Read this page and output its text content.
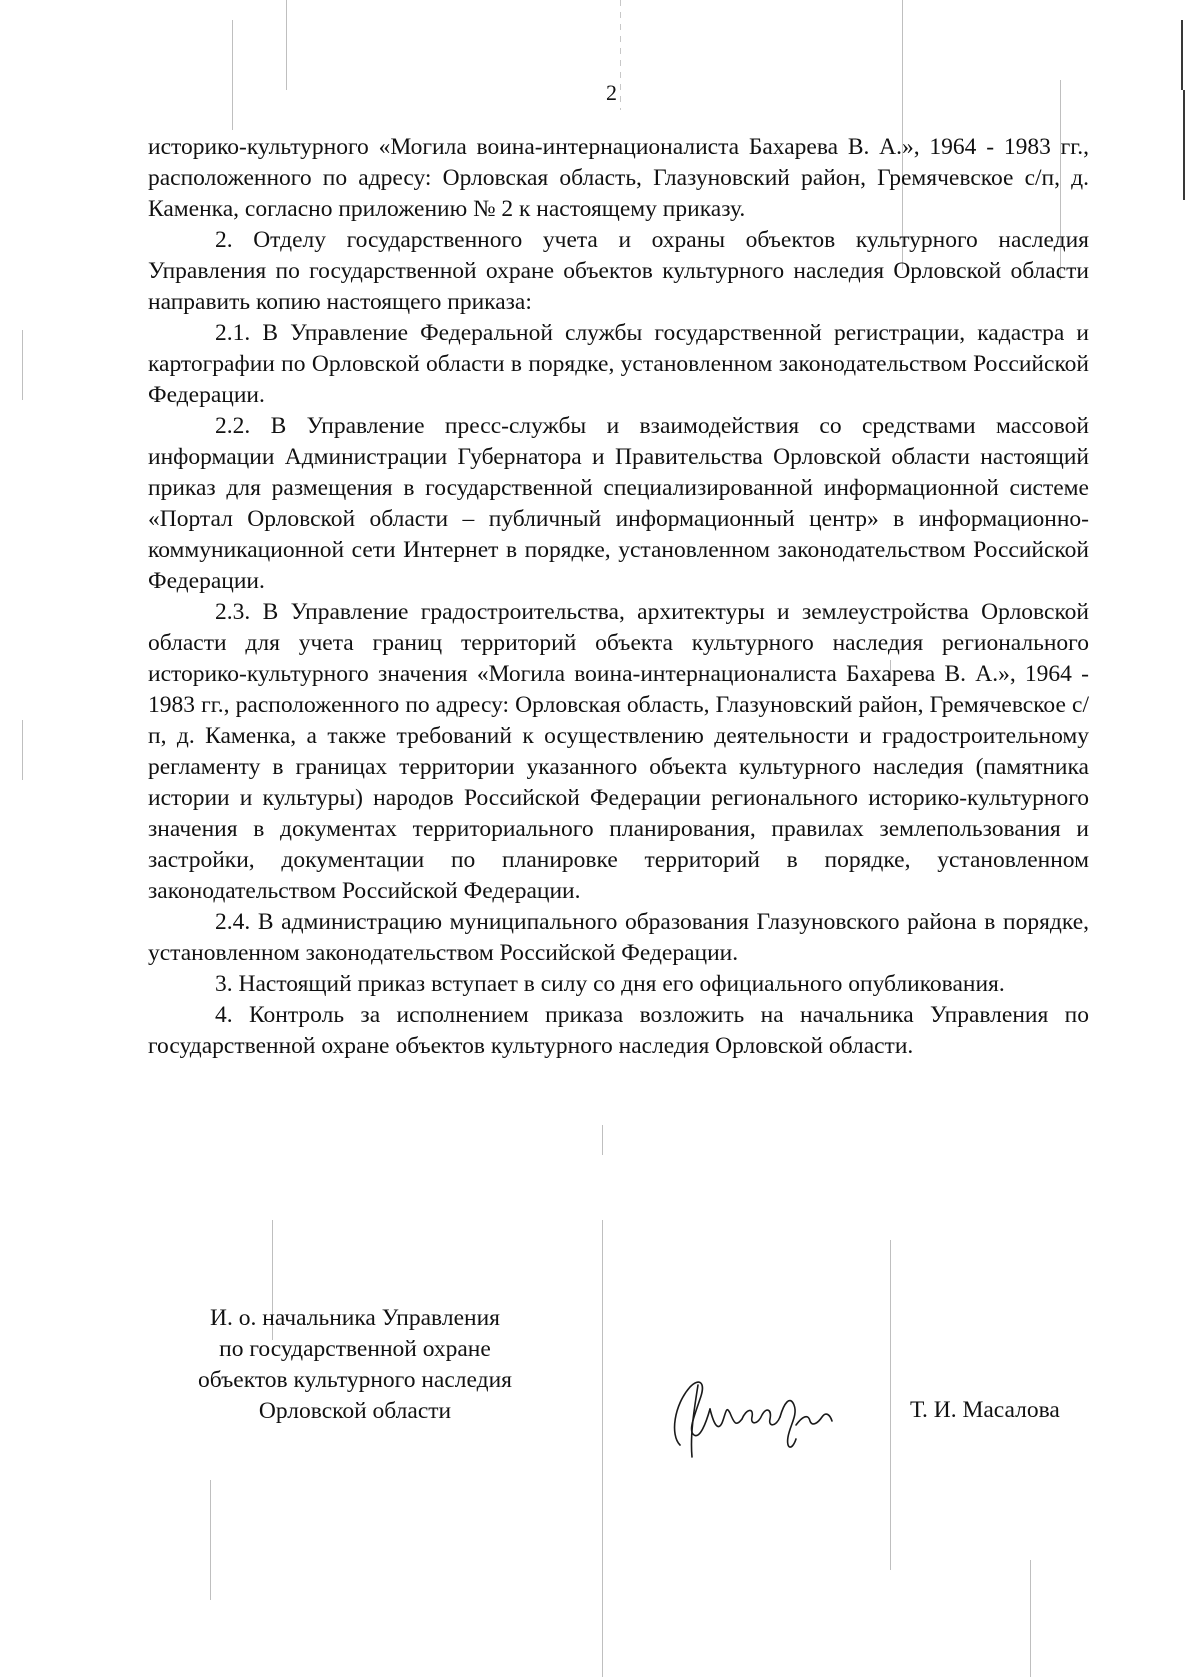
2

историко-культурного «Могила воина-интернационалиста Бахарева В. А.», 1964 - 1983 гг., расположенного по адресу: Орловская область, Глазуновский район, Гремячевское с/п, д. Каменка, согласно приложению № 2 к настоящему приказу.

2. Отделу государственного учета и охраны объектов культурного наследия Управления по государственной охране объектов культурного наследия Орловской области направить копию настоящего приказа:

2.1. В Управление Федеральной службы государственной регистрации, кадастра и картографии по Орловской области в порядке, установленном законодательством Российской Федерации.

2.2. В Управление пресс-службы и взаимодействия со средствами массовой информации Администрации Губернатора и Правительства Орловской области настоящий приказ для размещения в государственной специализированной информационной системе «Портал Орловской области – публичный информационный центр» в информационно-коммуникационной сети Интернет в порядке, установленном законодательством Российской Федерации.

2.3. В Управление градостроительства, архитектуры и землеустройства Орловской области для учета границ территорий объекта культурного наследия регионального историко-культурного значения «Могила воина-интернационалиста Бахарева В. А.», 1964 - 1983 гг., расположенного по адресу: Орловская область, Глазуновский район, Гремячевское с/п, д. Каменка, а также требований к осуществлению деятельности и градостроительному регламенту в границах территории указанного объекта культурного наследия (памятника истории и культуры) народов Российской Федерации регионального историко-культурного значения в документах территориального планирования, правилах землепользования и застройки, документации по планировке территорий в порядке, установленном законодательством Российской Федерации.

2.4. В администрацию муниципального образования Глазуновского района в порядке, установленном законодательством Российской Федерации.

3. Настоящий приказ вступает в силу со дня его официального опубликования.

4. Контроль за исполнением приказа возложить на начальника Управления по государственной охране объектов культурного наследия Орловской области.

И. о. начальника Управления
по государственной охране
объектов культурного наследия
Орловской области	Т. И. Масалова
